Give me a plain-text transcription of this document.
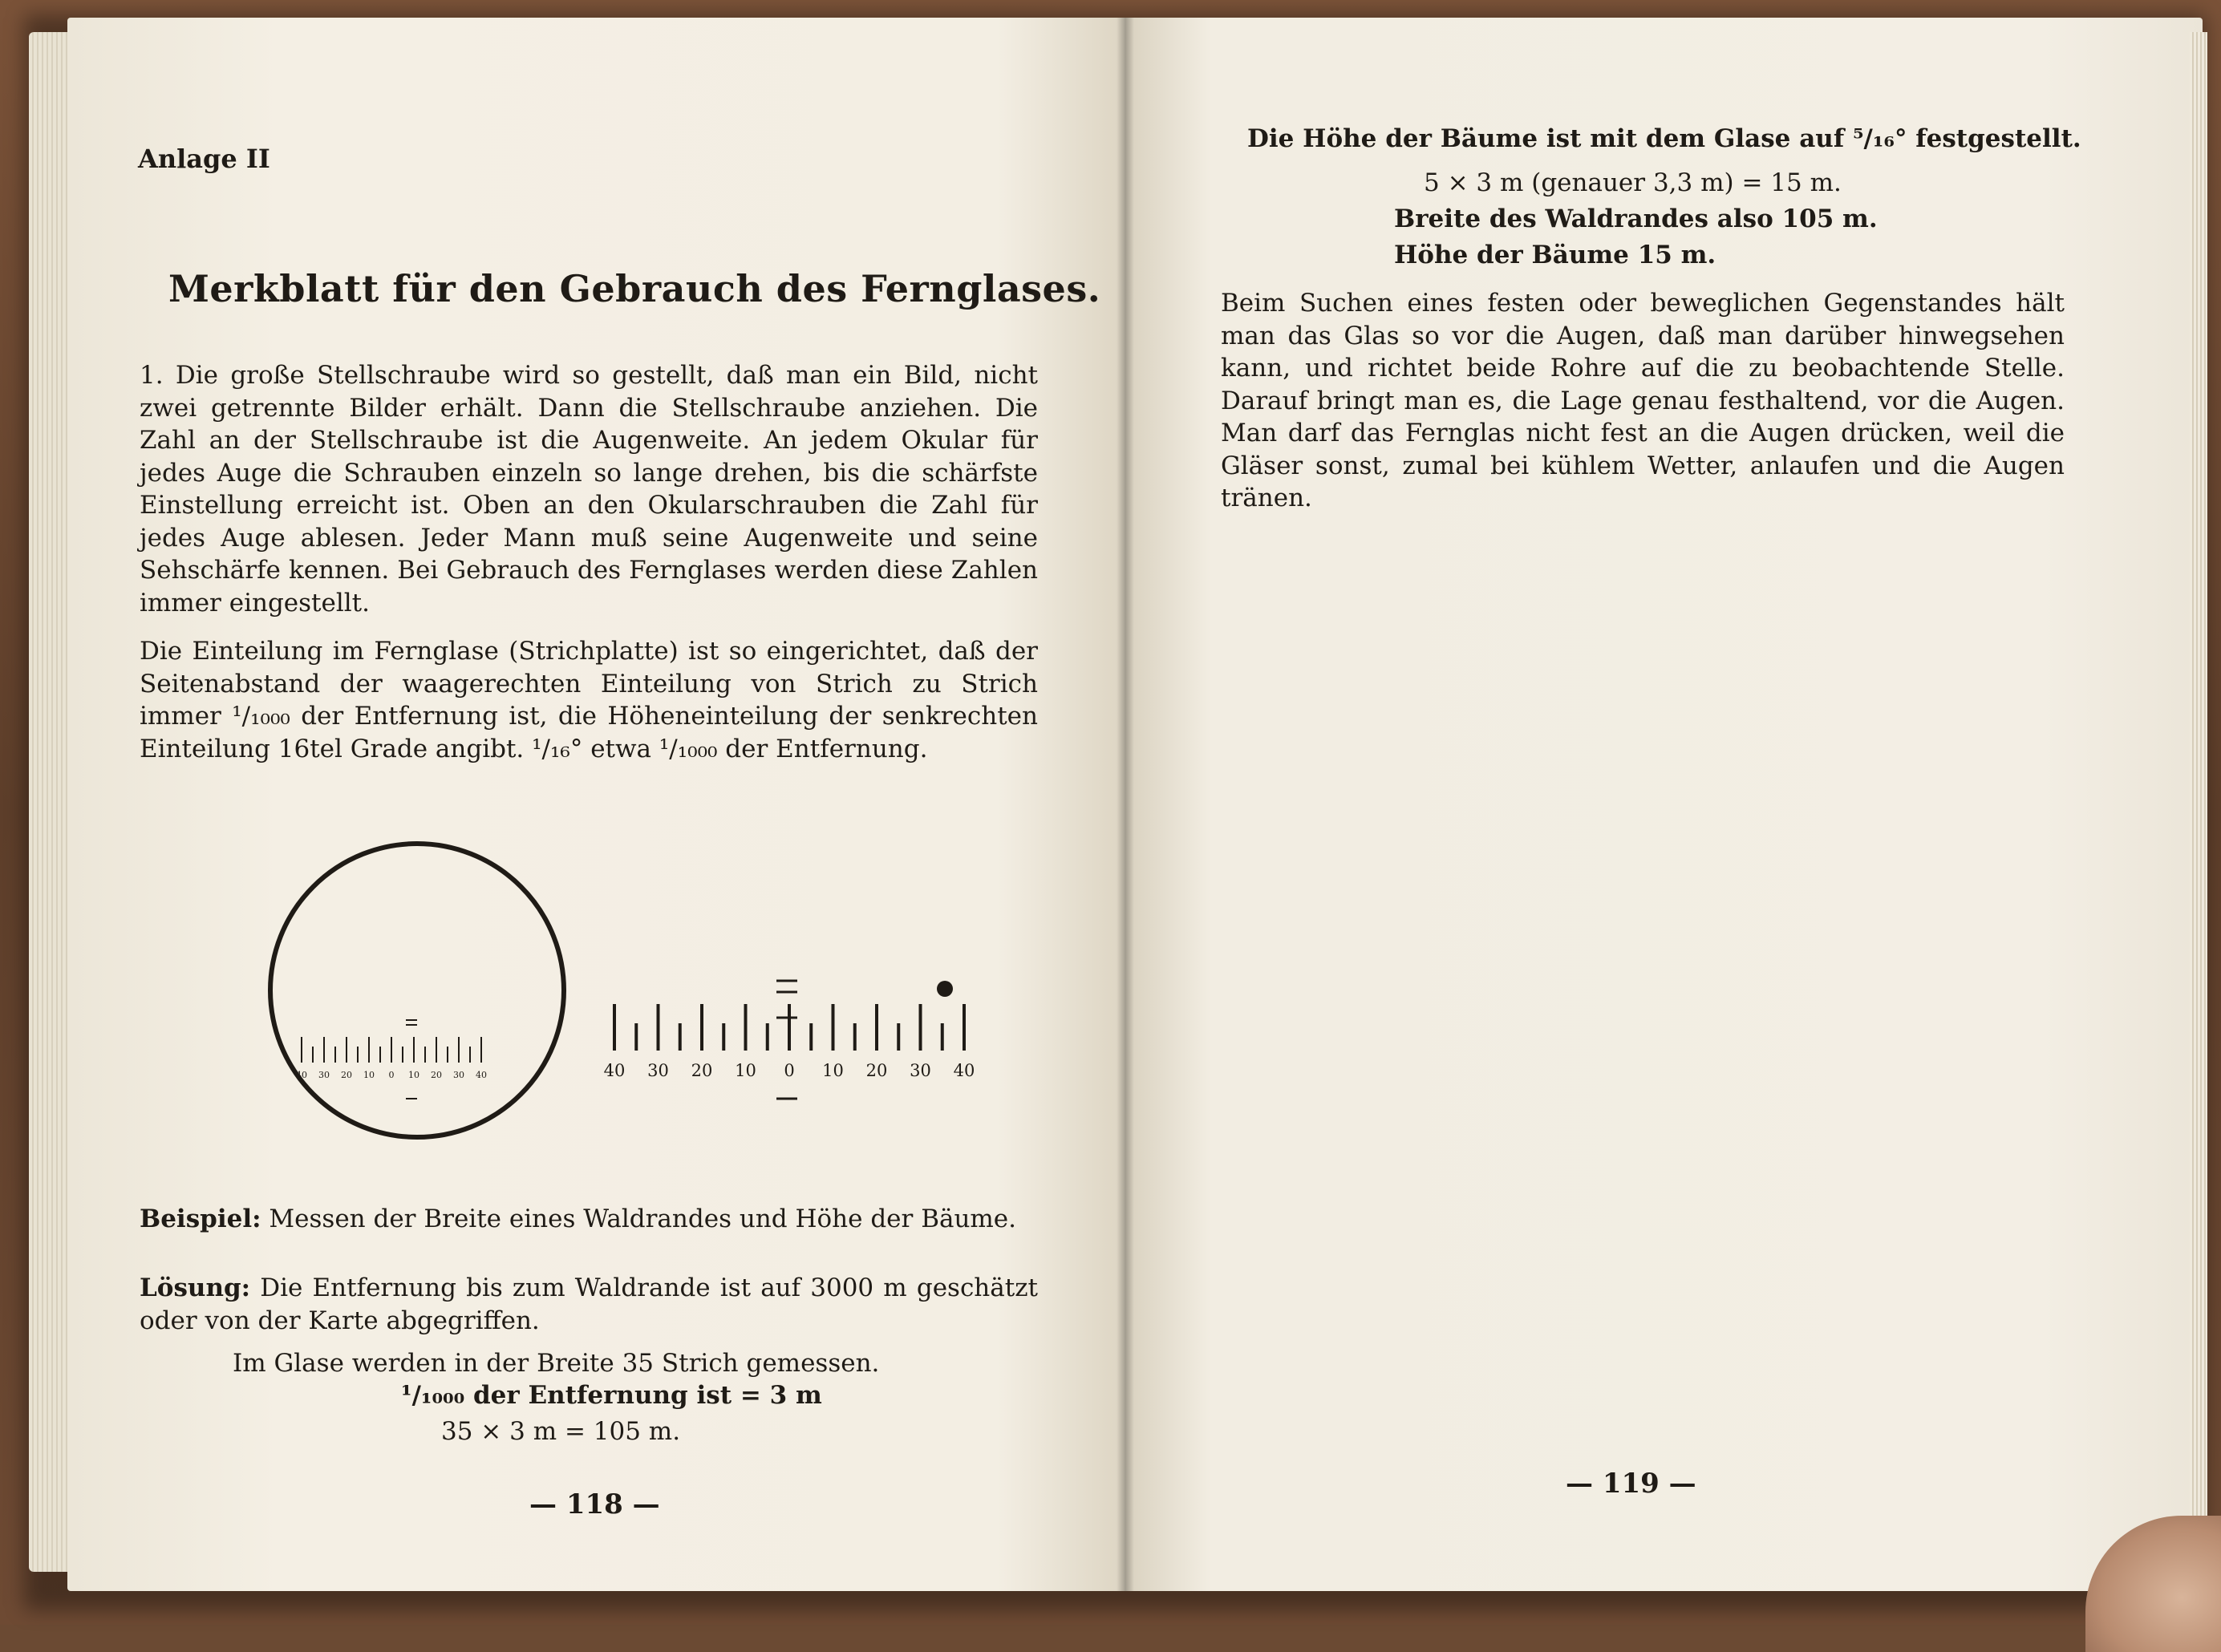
Anlage II
Merkblatt für den Gebrauch des Fernglases.
1. Die große Stellschraube wird so gestellt, daß man ein Bild, nicht zwei getrennte Bilder erhält. Dann die Stellschraube anziehen. Die Zahl an der Stellschraube ist die Augenweite. An jedem Okular für jedes Auge die Schrauben einzeln so lange drehen, bis die schärfste Einstellung erreicht ist. Oben an den Okularschrauben die Zahl für jedes Auge ablesen. Jeder Mann muß seine Augenweite und seine Sehschärfe kennen. Bei Gebrauch des Fernglases werden diese Zahlen immer eingestellt.
Die Einteilung im Fernglase (Strichplatte) ist so eingerichtet, daß der Seitenabstand der waagerechten Einteilung von Strich zu Strich immer ¹/₁₀₀₀ der Entfernung ist, die Höheneinteilung der senkrechten Einteilung 16tel Grade angibt. ¹/₁₆° etwa ¹/₁₀₀₀ der Entfernung.
40 30 20 10 0 10 20 30 40	40 30 20 10 0 10 20 30 40
Beispiel: Messen der Breite eines Waldrandes und Höhe der Bäume.
Lösung: Die Entfernung bis zum Waldrande ist auf 3000 m geschätzt oder von der Karte abgegriffen.
Im Glase werden in der Breite 35 Strich gemessen.
¹/₁₀₀₀ der Entfernung ist = 3 m
35 × 3 m = 105 m.
— 118 —
Die Höhe der Bäume ist mit dem Glase auf ⁵/₁₆° festgestellt.
5 × 3 m (genauer 3,3 m) = 15 m.
Breite des Waldrandes also 105 m.
Höhe der Bäume 15 m.
Beim Suchen eines festen oder beweglichen Gegenstandes hält man das Glas so vor die Augen, daß man darüber hinwegsehen kann, und richtet beide Rohre auf die zu beobachtende Stelle. Darauf bringt man es, die Lage genau festhaltend, vor die Augen. Man darf das Fernglas nicht fest an die Augen drücken, weil die Gläser sonst, zumal bei kühlem Wetter, anlaufen und die Augen tränen.
— 119 —
